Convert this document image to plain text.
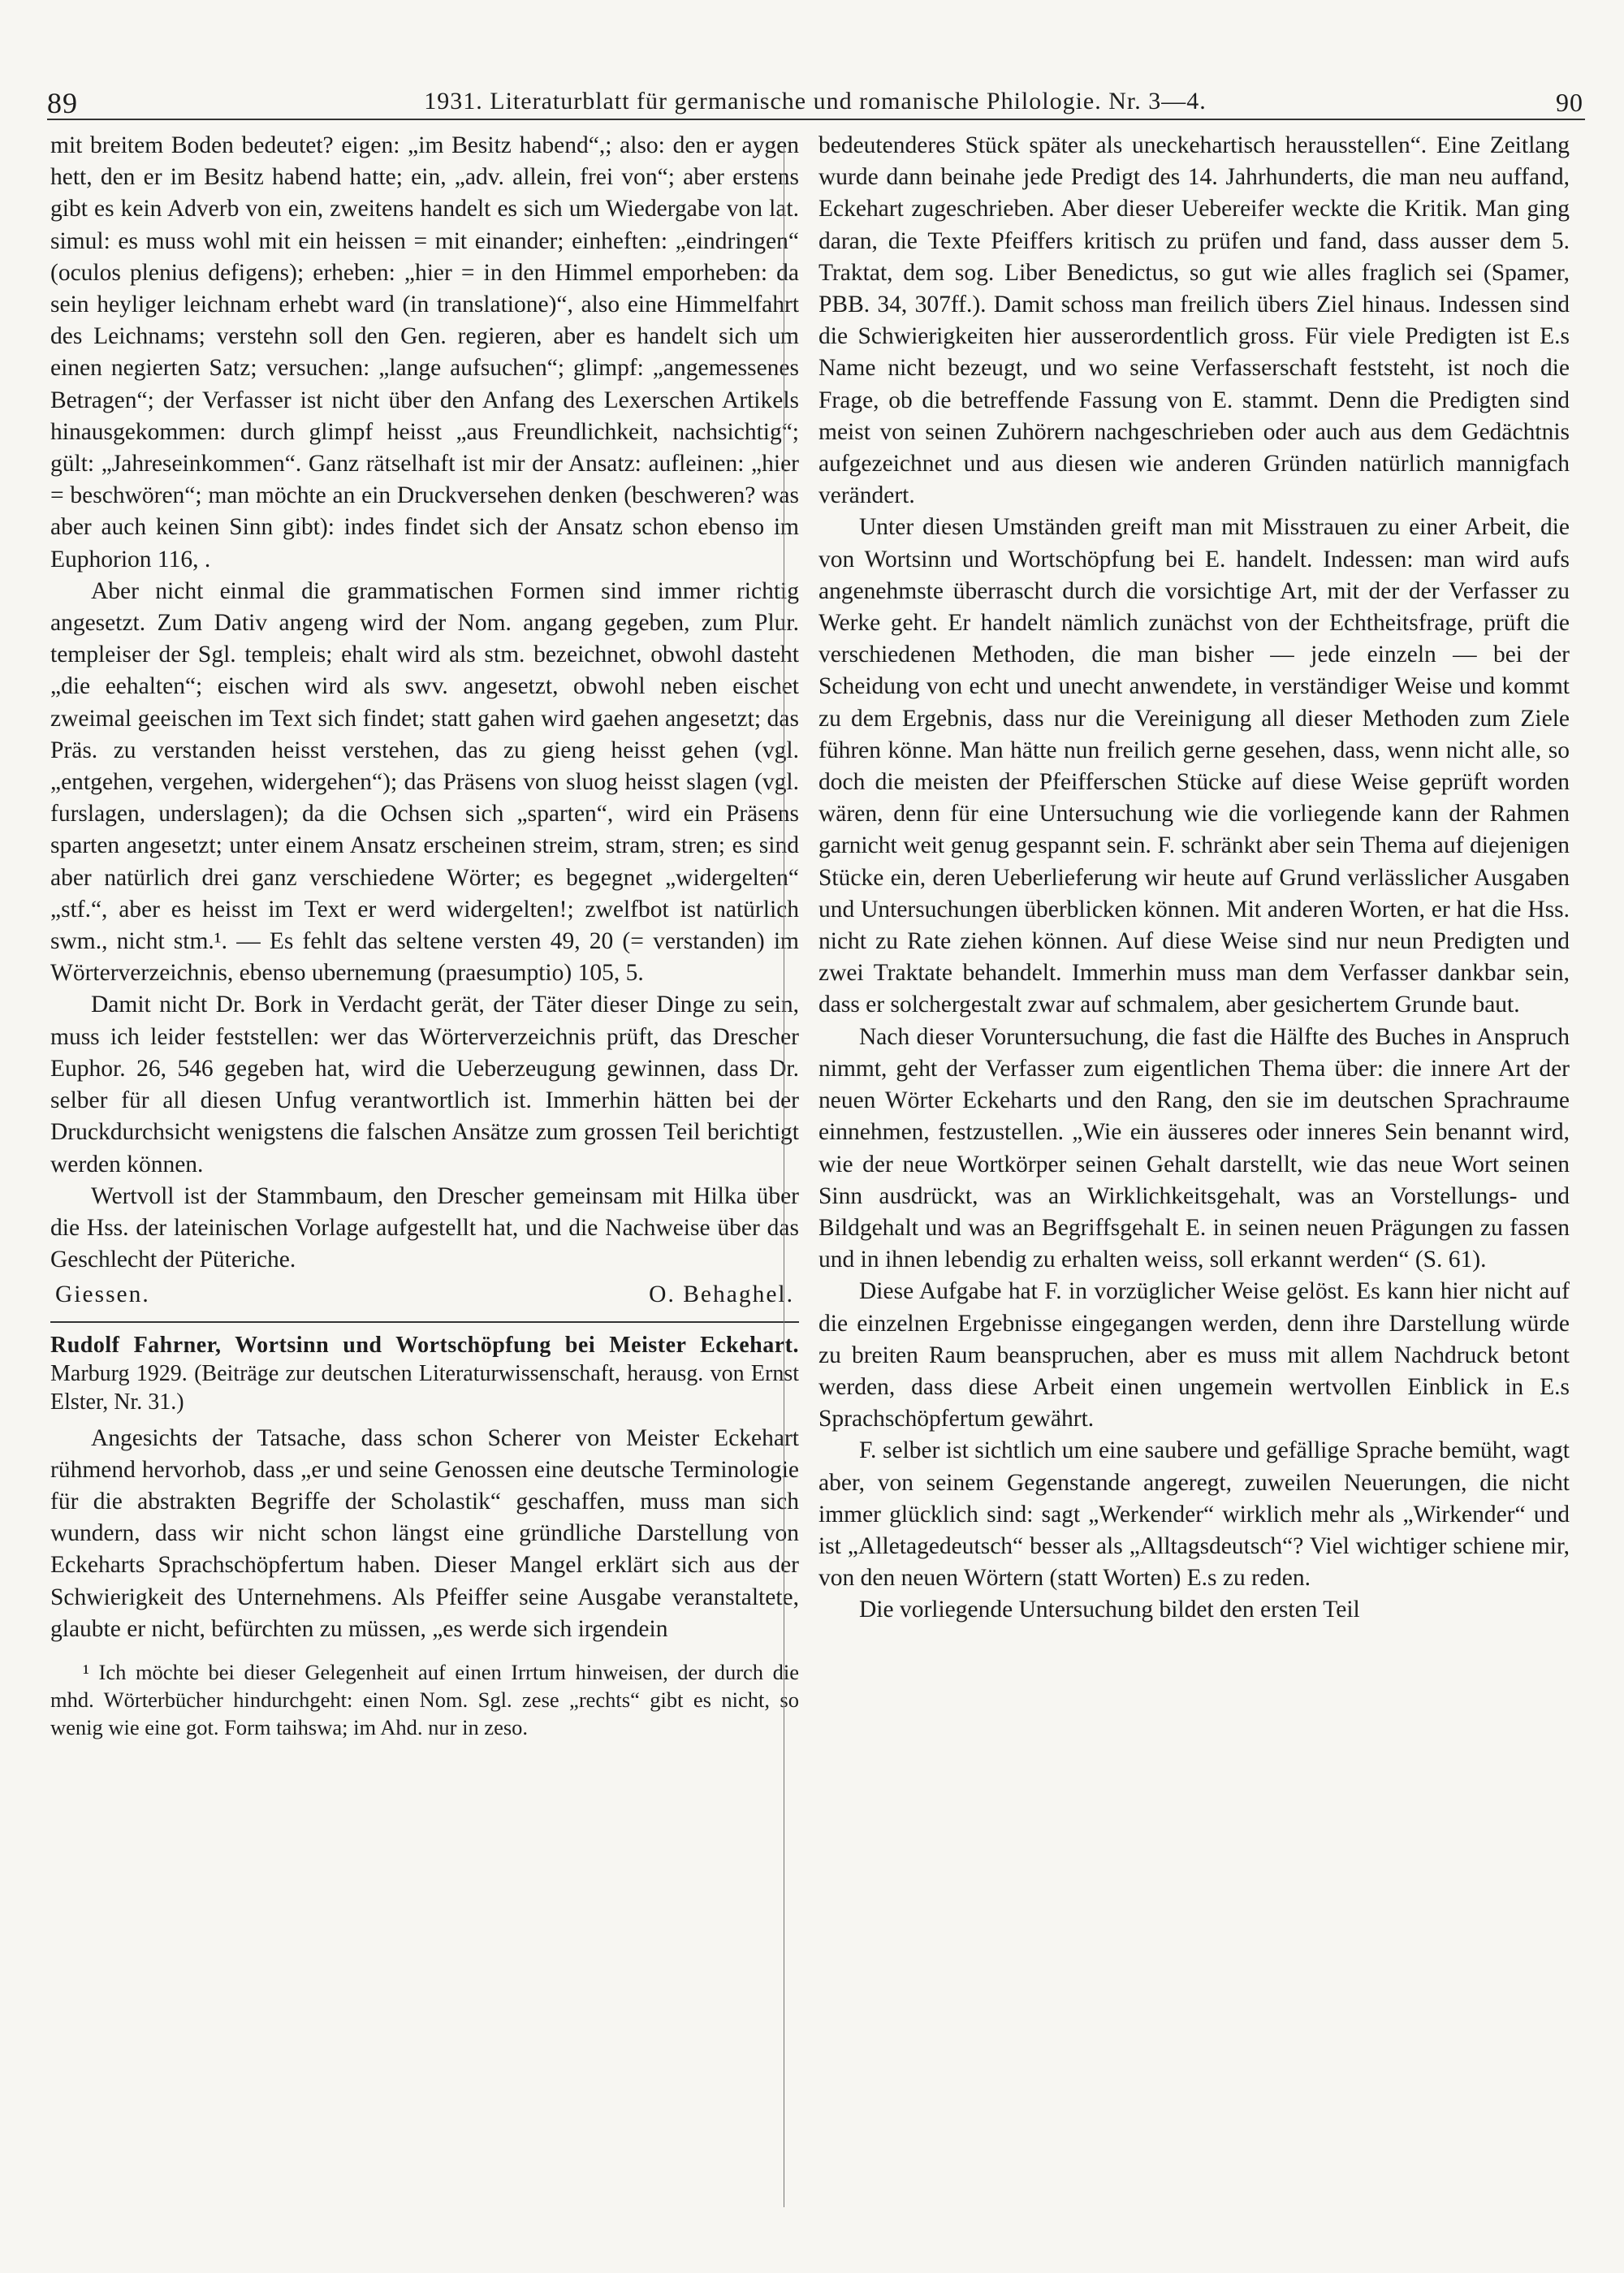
89	1931. Literaturblatt für germanische und romanische Philologie. Nr. 3—4.	90

mit breitem Boden bedeutet? eigen: „im Besitz habend“,; also: den er aygen hett, den er im Besitz habend hatte; ein, „adv. allein, frei von“; aber erstens gibt es kein Adverb von ein, zweitens handelt es sich um Wiedergabe von lat. simul: es muss wohl mit ein heissen = mit einander; einheften: „eindringen“ (oculos plenius defigens); erheben: „hier = in den Himmel emporheben: da sein heyliger leichnam erhebt ward (in translatione)“, also eine Himmelfahrt des Leichnams; verstehn soll den Gen. regieren, aber es handelt sich um einen negierten Satz; versuchen: „lange aufsuchen“; glimpf: „angemessenes Betragen“; der Verfasser ist nicht über den Anfang des Lexerschen Artikels hinausgekommen: durch glimpf heisst „aus Freundlichkeit, nachsichtig“; gült: „Jahreseinkommen“. Ganz rätselhaft ist mir der Ansatz: aufleinen: „hier = beschwören“; man möchte an ein Druckversehen denken (beschweren? was aber auch keinen Sinn gibt): indes findet sich der Ansatz schon ebenso im Euphorion 116, .

Aber nicht einmal die grammatischen Formen sind immer richtig angesetzt. Zum Dativ angeng wird der Nom. angang gegeben, zum Plur. templeiser der Sgl. templeis; ehalt wird als stm. bezeichnet, obwohl dasteht „die eehalten“; eischen wird als swv. angesetzt, obwohl neben eischet zweimal geeischen im Text sich findet; statt gahen wird gaehen angesetzt; das Präs. zu verstanden heisst verstehen, das zu gieng heisst gehen (vgl. „entgehen, vergehen, widergehen“); das Präsens von sluog heisst slagen (vgl. furslagen, underslagen); da die Ochsen sich „sparten“, wird ein Präsens sparten angesetzt; unter einem Ansatz erscheinen streim, stram, stren; es sind aber natürlich drei ganz verschiedene Wörter; es begegnet „widergelten“ „stf.“, aber es heisst im Text er werd widergelten!; zwelfbot ist natürlich swm., nicht stm.¹. — Es fehlt das seltene versten 49, 20 (= verstanden) im Wörterverzeichnis, ebenso ubernemung (praesumptio) 105, 5.

Damit nicht Dr. Bork in Verdacht gerät, der Täter dieser Dinge zu sein, muss ich leider feststellen: wer das Wörterverzeichnis prüft, das Drescher Euphor. 26, 546 gegeben hat, wird die Ueberzeugung gewinnen, dass Dr. selber für all diesen Unfug verantwortlich ist. Immerhin hätten bei der Druckdurchsicht wenigstens die falschen Ansätze zum grossen Teil berichtigt werden können.

Wertvoll ist der Stammbaum, den Drescher gemeinsam mit Hilka über die Hss. der lateinischen Vorlage aufgestellt hat, und die Nachweise über das Geschlecht der Püteriche.

Giessen.	O. Behaghel.

Rudolf Fahrner, Wortsinn und Wortschöpfung bei Meister Eckehart. Marburg 1929. (Beiträge zur deutschen Literaturwissenschaft, herausg. von Ernst Elster, Nr. 31.)

Angesichts der Tatsache, dass schon Scherer von Meister Eckehart rühmend hervorhob, dass „er und seine Genossen eine deutsche Terminologie für die abstrakten Begriffe der Scholastik“ geschaffen, muss man sich wundern, dass wir nicht schon längst eine gründliche Darstellung von Eckeharts Sprachschöpfertum haben. Dieser Mangel erklärt sich aus der Schwierigkeit des Unternehmens. Als Pfeiffer seine Ausgabe veranstaltete, glaubte er nicht, befürchten zu müssen, „es werde sich irgendein

¹ Ich möchte bei dieser Gelegenheit auf einen Irrtum hinweisen, der durch die mhd. Wörterbücher hindurchgeht: einen Nom. Sgl. zese „rechts“ gibt es nicht, so wenig wie eine got. Form taihswa; im Ahd. nur in zeso.

bedeutenderes Stück später als uneckehartisch herausstellen“. Eine Zeitlang wurde dann beinahe jede Predigt des 14. Jahrhunderts, die man neu auffand, Eckehart zugeschrieben. Aber dieser Uebereifer weckte die Kritik. Man ging daran, die Texte Pfeiffers kritisch zu prüfen und fand, dass ausser dem 5. Traktat, dem sog. Liber Benedictus, so gut wie alles fraglich sei (Spamer, PBB. 34, 307ff.). Damit schoss man freilich übers Ziel hinaus. Indessen sind die Schwierigkeiten hier ausserordentlich gross. Für viele Predigten ist E.s Name nicht bezeugt, und wo seine Verfasserschaft feststeht, ist noch die Frage, ob die betreffende Fassung von E. stammt. Denn die Predigten sind meist von seinen Zuhörern nachgeschrieben oder auch aus dem Gedächtnis aufgezeichnet und aus diesen wie anderen Gründen natürlich mannigfach verändert.

Unter diesen Umständen greift man mit Misstrauen zu einer Arbeit, die von Wortsinn und Wortschöpfung bei E. handelt. Indessen: man wird aufs angenehmste überrascht durch die vorsichtige Art, mit der der Verfasser zu Werke geht. Er handelt nämlich zunächst von der Echtheitsfrage, prüft die verschiedenen Methoden, die man bisher — jede einzeln — bei der Scheidung von echt und unecht anwendete, in verständiger Weise und kommt zu dem Ergebnis, dass nur die Vereinigung all dieser Methoden zum Ziele führen könne. Man hätte nun freilich gerne gesehen, dass, wenn nicht alle, so doch die meisten der Pfeifferschen Stücke auf diese Weise geprüft worden wären, denn für eine Untersuchung wie die vorliegende kann der Rahmen garnicht weit genug gespannt sein. F. schränkt aber sein Thema auf diejenigen Stücke ein, deren Ueberlieferung wir heute auf Grund verlässlicher Ausgaben und Untersuchungen überblicken können. Mit anderen Worten, er hat die Hss. nicht zu Rate ziehen können. Auf diese Weise sind nur neun Predigten und zwei Traktate behandelt. Immerhin muss man dem Verfasser dankbar sein, dass er solchergestalt zwar auf schmalem, aber gesichertem Grunde baut.

Nach dieser Voruntersuchung, die fast die Hälfte des Buches in Anspruch nimmt, geht der Verfasser zum eigentlichen Thema über: die innere Art der neuen Wörter Eckeharts und den Rang, den sie im deutschen Sprachraume einnehmen, festzustellen. „Wie ein äusseres oder inneres Sein benannt wird, wie der neue Wortkörper seinen Gehalt darstellt, wie das neue Wort seinen Sinn ausdrückt, was an Wirklichkeitsgehalt, was an Vorstellungs- und Bildgehalt und was an Begriffsgehalt E. in seinen neuen Prägungen zu fassen und in ihnen lebendig zu erhalten weiss, soll erkannt werden“ (S. 61).

Diese Aufgabe hat F. in vorzüglicher Weise gelöst. Es kann hier nicht auf die einzelnen Ergebnisse eingegangen werden, denn ihre Darstellung würde zu breiten Raum beanspruchen, aber es muss mit allem Nachdruck betont werden, dass diese Arbeit einen ungemein wertvollen Einblick in E.s Sprachschöpfertum gewährt.

F. selber ist sichtlich um eine saubere und gefällige Sprache bemüht, wagt aber, von seinem Gegenstande angeregt, zuweilen Neuerungen, die nicht immer glücklich sind: sagt „Werkender“ wirklich mehr als „Wirkender“ und ist „Alletagedeutsch“ besser als „Alltagsdeutsch“? Viel wichtiger schiene mir, von den neuen Wörtern (statt Worten) E.s zu reden.

Die vorliegende Untersuchung bildet den ersten Teil
